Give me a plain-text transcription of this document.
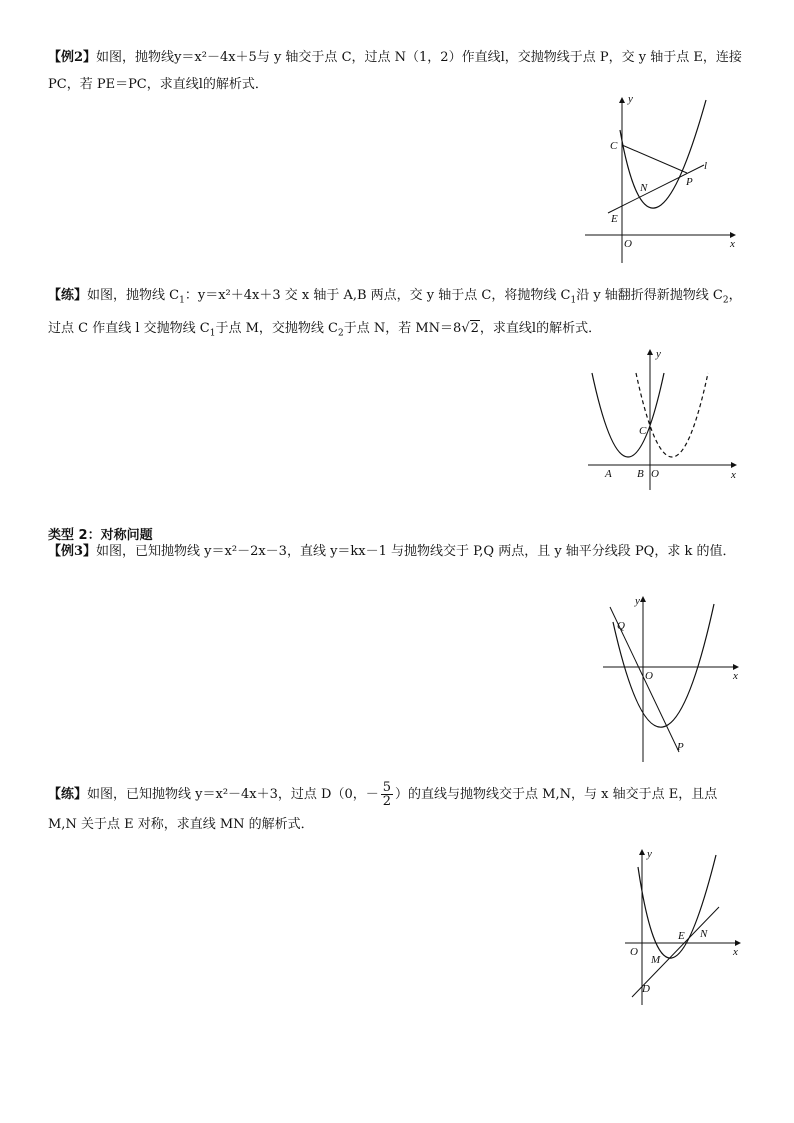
【例2】如图，抛物线y＝x²－4x＋5与 y 轴交于点 C，过点 N（1，2）作直线l，交抛物线于点 P，交 y 轴于点 E，连接 PC，若 PE＝PC，求直线l的解析式．
y
x
O
C
E
N	P
l
【练】如图，抛物线 $C_1$：y＝x²＋4x＋3 交 x 轴于 A,B 两点，交 y 轴于点 C，将抛物线 $C_1$沿 y 轴翻折得新抛物线 $C_2$，过点 C 作直线 l 交抛物线 $C_1$于点 M，交抛物线 $C_2$于点 N，若 MN＝8√2，求直线l的解析式．
y
x
O
A B
C
类型 2：对称问题
【例3】如图，已知抛物线 y＝x²－2x－3，直线 y＝kx－1 与抛物线交于 P,Q 两点，且 y 轴平分线段 PQ，求 k 的值．
y
x
O
Q
P
【练】如图，已知抛物线 y＝x²－4x＋3，过点 D（0，－ $\frac{5}{2}$ ）的直线与抛物线交于点 M,N，与 x 轴交于点 E，且点 M,N 关于点 E 对称，求直线 MN 的解析式．
y
x
O
E N
M
D
